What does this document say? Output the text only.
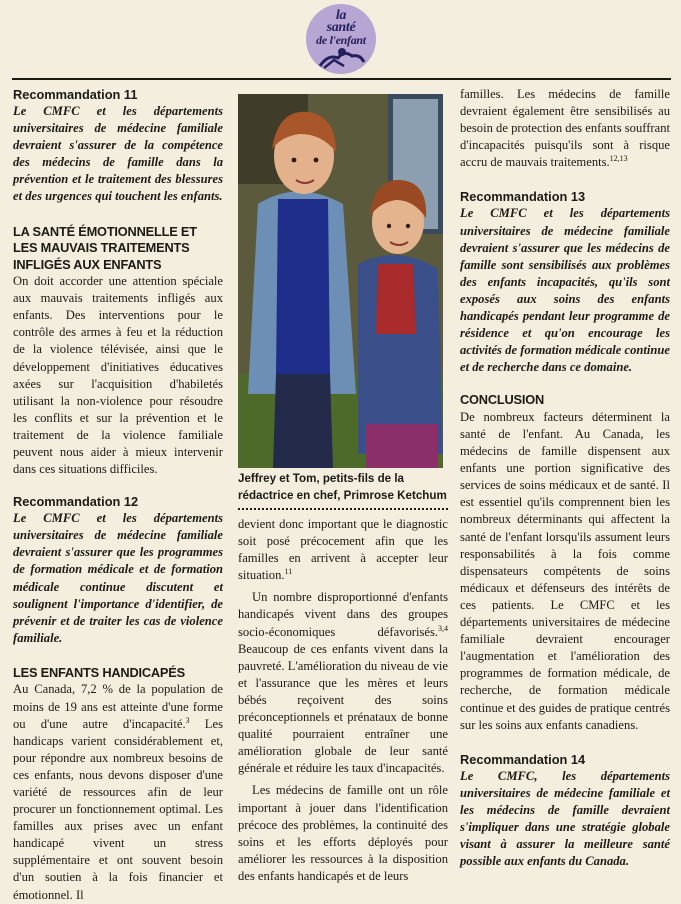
la
santé
de l'enfant
Recommandation 11

Le CMFC et les départements universitaires de médecine familiale devraient s'assurer de la compétence des médecins de famille dans la prévention et le traitement des blessures et des urgences qui touchent les enfants.

LA SANTÉ ÉMOTIONNELLE ET LES MAUVAIS TRAITEMENTS INFLIGÉS AUX ENFANTS

On doit accorder une attention spéciale aux mauvais traitements infligés aux enfants. Des interventions pour le contrôle des armes à feu et la réduction de la violence télévisée, ainsi que le développement d'initiatives éducatives axées sur l'acquisition d'habiletés utilisant la non-violence pour résoudre les conflits et sur la prévention et le traitement de la violence familiale peuvent nous aider à mieux intervenir dans ces situations difficiles.

Recommandation 12

Le CMFC et les départements universitaires de médecine familiale devraient s'assurer que les programmes de formation médicale et de formation médicale continue discutent et soulignent l'importance d'identifier, de prévenir et de traiter les cas de violence familiale.

LES ENFANTS HANDICAPÉS

Au Canada, 7,2 % de la population de moins de 19 ans est atteinte d'une forme ou d'une autre d'incapacité.$^3$ Les handicaps varient considérablement et, pour répondre aux nombreux besoins de ces enfants, nous devons disposer d'une variété de ressources afin de leur procurer un fonctionnement optimal. Les familles aux prises avec un enfant handicapé vivent un stress supplémentaire et ont souvent besoin d'un soutien à la fois financier et émotionnel. Il

Jeffrey et Tom, petits-fils de la rédactrice en chef, Primrose Ketchum

devient donc important que le diagnostic soit posé précocement afin que les familles en arrivent à accepter leur situation.$^{11}$

Un nombre disproportionné d'enfants handicapés vivent dans des groupes socio-économiques défavorisés.$^{3,4}$ Beaucoup de ces enfants vivent dans la pauvreté. L'amélioration du niveau de vie et l'assurance que les mères et leurs bébés reçoivent des soins préconceptionnels et prénataux de bonne qualité pourraient entraîner une amélioration globale de leur santé générale et réduire les taux d'incapacités.

Les médecins de famille ont un rôle important à jouer dans l'identification précoce des problèmes, la continuité des soins et les efforts déployés pour améliorer les ressources à la disposition des enfants handicapés et de leurs

familles. Les médecins de famille devraient également être sensibilisés au besoin de protection des enfants souffrant d'incapacités puisqu'ils sont à risque accru de mauvais traitements.$^{12,13}$

Recommandation 13

Le CMFC et les départements universitaires de médecine familiale devraient s'assurer que les médecins de famille sont sensibilisés aux problèmes des enfants incapacités, qu'ils sont exposés aux soins des enfants handicapés pendant leur programme de résidence et qu'on encourage les activités de formation médicale continue et de recherche dans ce domaine.

CONCLUSION

De nombreux facteurs déterminent la santé de l'enfant. Au Canada, les médecins de famille dispensent aux enfants une portion significative des services de soins médicaux et de santé. Il est essentiel qu'ils comprennent bien les nombreux déterminants qui affectent la santé de l'enfant lorsqu'ils assument leurs responsabilités à la fois comme dispensateurs compétents de soins médicaux et défenseurs des intérêts de ces patients. Le CMFC et les départements universitaires de médecine familiale devraient encourager l'augmentation et l'amélioration des programmes de formation médicale, de recherche, de formation médicale continue et des guides de pratique centrés sur les soins aux enfants canadiens.

Recommandation 14

Le CMFC, les départements universitaires de médecine familiale et les médecins de famille devraient s'impliquer dans une stratégie globale visant à assurer la meilleure santé possible aux enfants du Canada.
